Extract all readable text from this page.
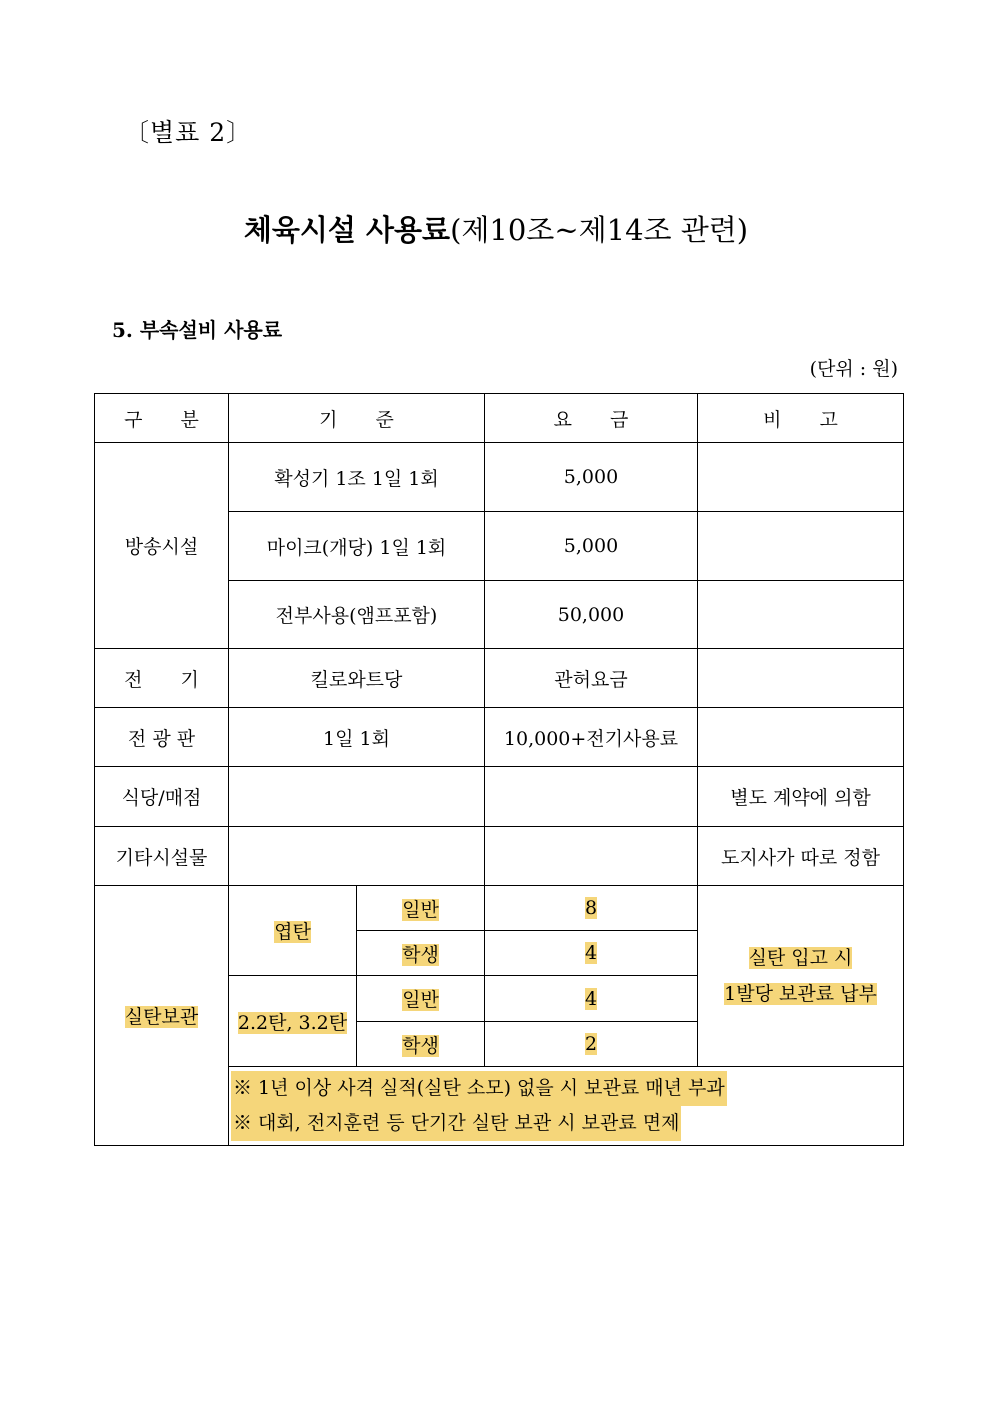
〔별표 2〕
체육시설 사용료(제10조~제14조 관련)
5. 부속설비 사용료
(단위 : 원)
구　　분	기　　준		요　　금	비　　고
방송시설	확성기 1조 1일 1회		5,000	
	마이크(개당) 1일 1회		5,000	
	전부사용(앰프포함)		50,000	
전　　기	킬로와트당		관허요금	
전 광 판	1일 1회		10,000+전기사용료	
식당/매점				별도 계약에 의함
기타시설물				도지사가 따로 정함
실탄보관	엽탄	일반	8	실탄 입고 시
1발당 보관료 납부
		학생	4	
	2.2탄, 3.2탄	일반	4	
		학생	2	
	※ 1년 이상 사격 실적(실탄 소모) 없을 시 보관료 매년 부과
※ 대회, 전지훈련 등 단기간 실탄 보관 시 보관료 면제			
